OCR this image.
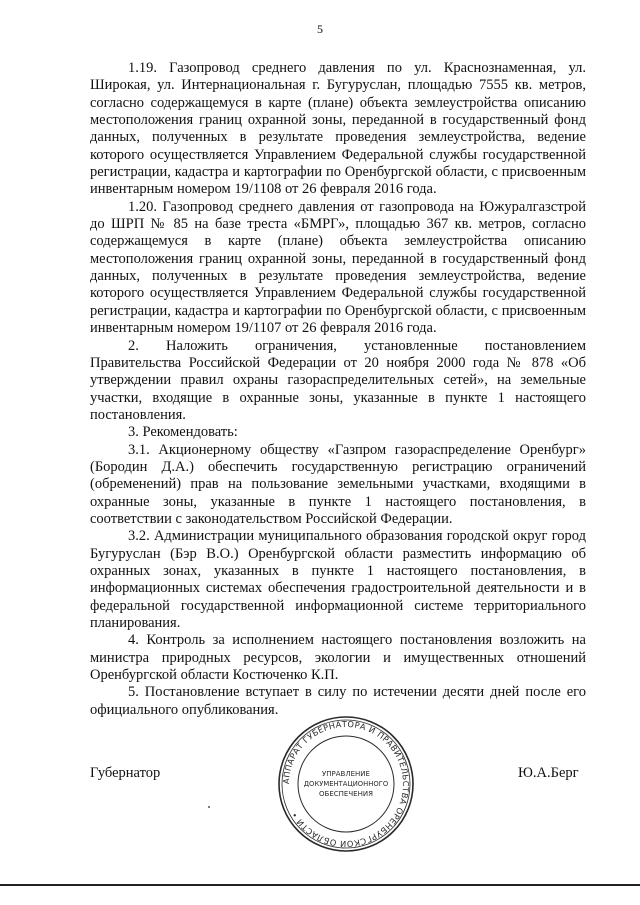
5

1.19. Газопровод среднего давления по ул. Краснознаменная, ул. Широкая, ул. Интернациональная г. Бугуруслан, площадью 7555 кв. метров, согласно содержащемуся в карте (плане) объекта землеустройства описанию местоположения границ охранной зоны, переданной в государственный фонд данных, полученных в результате проведения землеустройства, ведение которого осуществляется Управлением Федеральной службы государственной регистрации, кадастра и картографии по Оренбургской области, с присвоенным инвентарным номером 19/1108 от 26 февраля 2016 года.

1.20. Газопровод среднего давления от газопровода на Южуралгазстрой до ШРП № 85 на базе треста «БМРГ», площадью 367 кв. метров, согласно содержащемуся в карте (плане) объекта землеустройства описанию местоположения границ охранной зоны, переданной в государственный фонд данных, полученных в результате проведения землеустройства, ведение которого осуществляется Управлением Федеральной службы государственной регистрации, кадастра и картографии по Оренбургской области, с присвоенным инвентарным номером 19/1107 от 26 февраля 2016 года.

2. Наложить ограничения, установленные постановлением Правительства Российской Федерации от 20 ноября 2000 года № 878 «Об утверждении правил охраны газораспределительных сетей», на земельные участки, входящие в охранные зоны, указанные в пункте 1 настоящего постановления.

3. Рекомендовать:

3.1. Акционерному обществу «Газпром газораспределение Оренбург» (Бородин Д.А.) обеспечить государственную регистрацию ограничений (обременений) прав на пользование земельными участками, входящими в охранные зоны, указанные в пункте 1 настоящего постановления, в соответствии с законодательством Российской Федерации.

3.2. Администрации муниципального образования городской округ город Бугуруслан (Бэр В.О.) Оренбургской области разместить информацию об охранных зонах, указанных в пункте 1 настоящего постановления, в информационных системах обеспечения градостроительной деятельности и в федеральной государственной информационной системе территориального планирования.

4. Контроль за исполнением настоящего постановления возложить на министра природных ресурсов, экологии и имущественных отношений Оренбургской области Костюченко К.П.

5. Постановление вступает в силу по истечении десяти дней после его официального опубликования.

Губернатор	АППАРАТ ГУБЕРНАТОРА И ПРАВИТЕЛЬСТВА ОРЕНБУРГСКОЙ ОБЛАСТИ •
УПРАВЛЕНИЕ
ДОКУМЕНТАЦИОННОГО
ОБЕСПЕЧЕНИЯ
Ю.А.Берг
